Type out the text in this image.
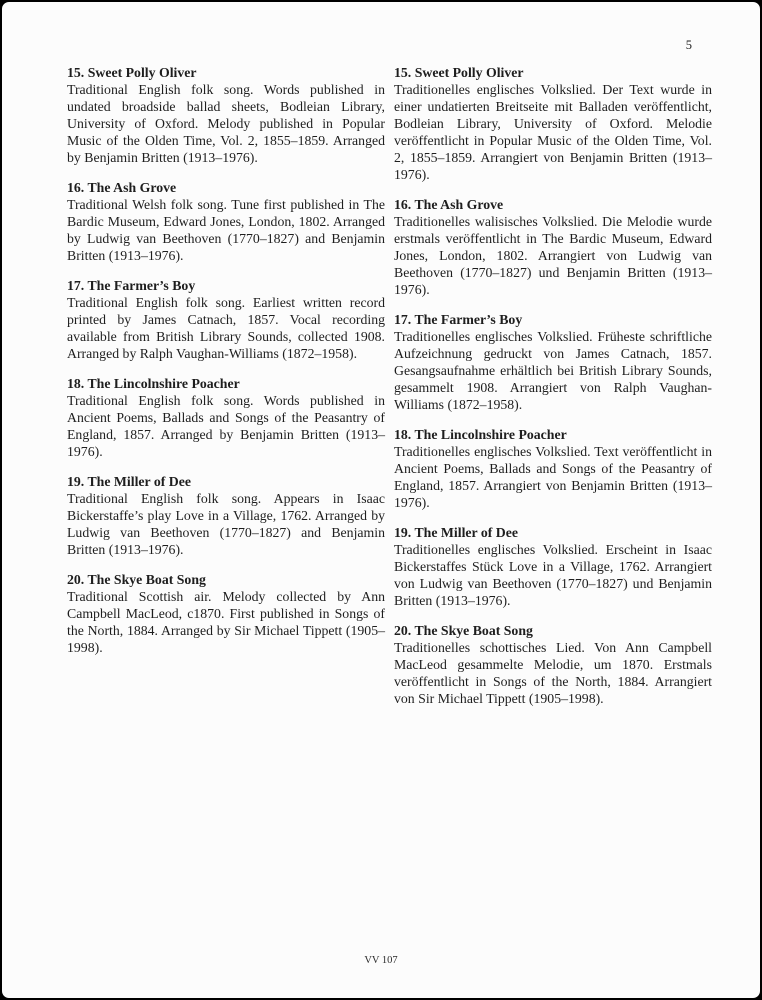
5
15. Sweet Polly Oliver

Traditional English folk song. Words published in undated broadside ballad sheets, Bodleian Library, University of Oxford. Melody published in Popular Music of the Olden Time, Vol. 2, 1855–1859. Arranged by Benjamin Britten (1913–1976).

16. The Ash Grove

Traditional Welsh folk song. Tune first published in The Bardic Museum, Edward Jones, London, 1802. Arranged by Ludwig van Beethoven (1770–1827) and Benjamin Britten (1913–1976).

17. The Farmer’s Boy

Traditional English folk song. Earliest written record printed by James Catnach, 1857. Vocal recording available from British Library Sounds, collected 1908. Arranged by Ralph Vaughan-Williams (1872–1958).

18. The Lincolnshire Poacher

Traditional English folk song. Words published in Ancient Poems, Ballads and Songs of the Peasantry of England, 1857. Arranged by Benjamin Britten (1913–1976).

19. The Miller of Dee

Traditional English folk song. Appears in Isaac Bickerstaffe’s play Love in a Village, 1762. Arranged by Ludwig van Beethoven (1770–1827) and Benjamin Britten (1913–1976).

20. The Skye Boat Song

Traditional Scottish air. Melody collected by Ann Campbell MacLeod, c1870. First published in Songs of the North, 1884. Arranged by Sir Michael Tippett (1905–1998).

15. Sweet Polly Oliver

Traditionelles englisches Volkslied. Der Text wurde in einer undatierten Breitseite mit Balladen veröffentlicht, Bodleian Library, University of Oxford. Melodie veröffentlicht in Popular Music of the Olden Time, Vol. 2, 1855–1859. Arrangiert von Benjamin Britten (1913–1976).

16. The Ash Grove

Traditionelles walisisches Volkslied. Die Melodie wurde erstmals veröffentlicht in The Bardic Museum, Edward Jones, London, 1802. Arrangiert von Ludwig van Beethoven (1770–1827) und Benjamin Britten (1913–1976).

17. The Farmer’s Boy

Traditionelles englisches Volkslied. Früheste schriftliche Aufzeichnung gedruckt von James Catnach, 1857. Gesangsaufnahme erhältlich bei British Library Sounds, gesammelt 1908. Arrangiert von Ralph Vaughan-Williams (1872–1958).

18. The Lincolnshire Poacher

Traditionelles englisches Volkslied. Text veröffentlicht in Ancient Poems, Ballads and Songs of the Peasantry of England, 1857. Arrangiert von Benjamin Britten (1913–1976).

19. The Miller of Dee

Traditionelles englisches Volkslied. Erscheint in Isaac Bickerstaffes Stück Love in a Village, 1762. Arrangiert von Ludwig van Beethoven (1770–1827) und Benjamin Britten (1913–1976).

20. The Skye Boat Song

Traditionelles schottisches Lied. Von Ann Campbell MacLeod gesammelte Melodie, um 1870. Erstmals veröffentlicht in Songs of the North, 1884. Arrangiert von Sir Michael Tippett (1905–1998).

VV 107
